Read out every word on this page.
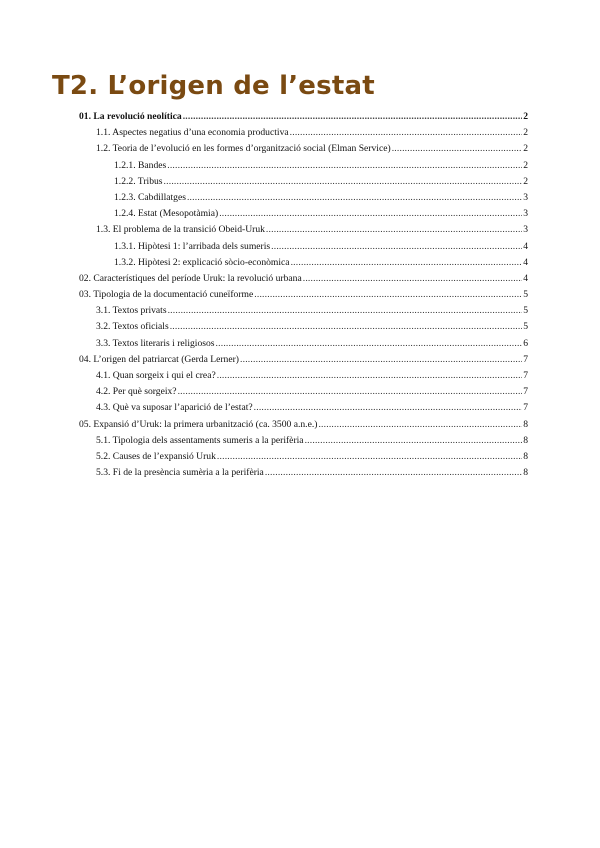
T2. L’origen de l’estat
01. La revolució neolítica .....	2
1.1. Aspectes negatius d’una economia productiva .....	2
1.2. Teoria de l’evolució en les formes d’organització social (Elman Service) .....	2
1.2.1. Bandes .....	2
1.2.2. Tribus .....	2
1.2.3. Cabdillatges .....	3
1.2.4. Estat (Mesopotàmia) .....	3
1.3. El problema de la transició Obeid-Uruk .....	3
1.3.1. Hipòtesi 1: l’arribada dels sumeris .....	4
1.3.2. Hipòtesi 2: explicació sòcio-econòmica .....	4
02. Característiques del període Uruk: la revolució urbana .....	4
03. Tipologia de la documentació cuneïforme .....	5
3.1. Textos privats .....	5
3.2. Textos oficials .....	5
3.3. Textos literaris i religiosos .....	6
04. L’origen del patriarcat (Gerda Lerner) .....	7
4.1. Quan sorgeix i qui el crea? .....	7
4.2. Per què sorgeix? .....	7
4.3. Què va suposar l’aparició de l’estat? .....	7
05. Expansió d’Uruk: la primera urbanització (ca. 3500 a.n.e.) .....	8
5.1. Tipologia dels assentaments sumeris a la perifèria .....	8
5.2. Causes de l’expansió Uruk .....	8
5.3. Fi de la presència sumèria a la perifèria .....	8
